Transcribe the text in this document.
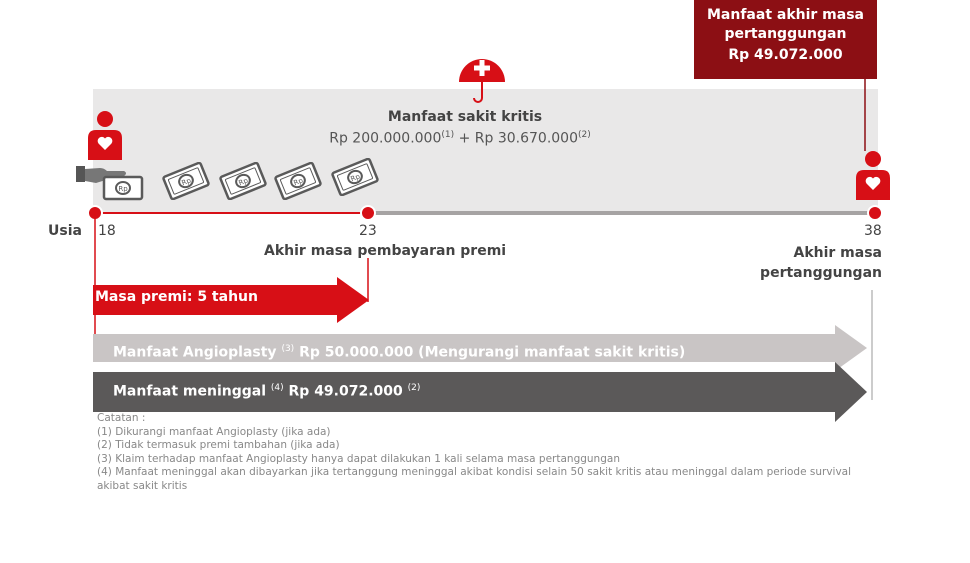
Manfaat akhir masa pertanggungan
Rp 49.072.000
Manfaat sakit kritis
Rp $200.000.000^{(1)} + Rp$ 30.670.000$^{(2)}$
Rp
Rp	Rp	Rp	Rp
Usia 18	23	38
Akhir masa pembayaran premi	Akhir masa pertanggungan
Masa premi: 5 tahun
Manfaat Angioplasty $^{(3)}$ Rp 50.000.000 (Mengurangi manfaat sakit kritis)
Manfaat meninggal $^{(4)}$ Rp 49.072.000 $^{(2)}$
Catatan :
(1) Dikurangi manfaat Angioplasty (jika ada)
(2) Tidak termasuk premi tambahan (jika ada)
(3) Klaim terhadap manfaat Angioplasty hanya dapat dilakukan 1 kali selama masa pertanggungan
(4) Manfaat meninggal akan dibayarkan jika tertanggung meninggal akibat kondisi selain 50 sakit kritis atau meninggal dalam periode survival akibat sakit kritis
